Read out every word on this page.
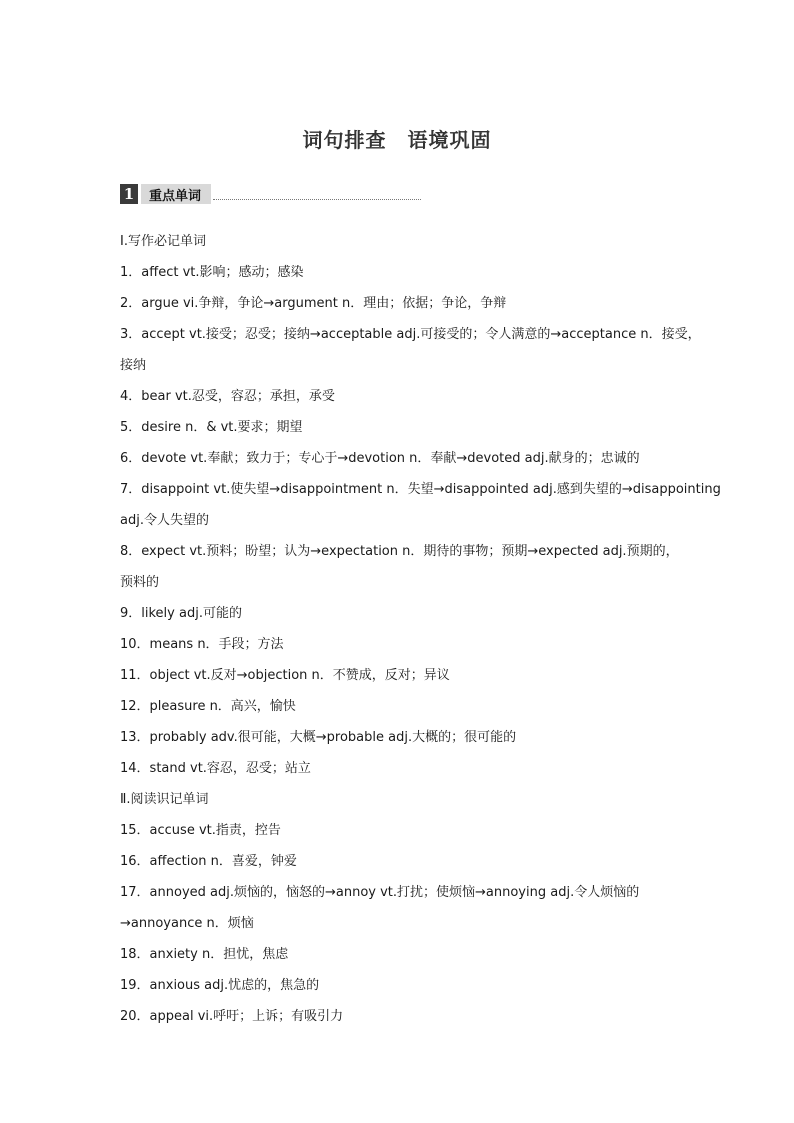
词句排查　语境巩固
1	重点单词
Ⅰ.写作必记单词
1．affect vt.影响；感动；感染
2．argue vi.争辩，争论→argument n．理由；依据；争论，争辩
3．accept vt.接受；忍受；接纳→acceptable adj.可接受的；令人满意的→acceptance n．接受，
接纳
4．bear vt.忍受，容忍；承担，承受
5．desire n．& vt.要求；期望
6．devote vt.奉献；致力于；专心于→devotion n．奉献→devoted adj.献身的；忠诚的
7．disappoint vt.使失望→disappointment n．失望→disappointed adj.感到失望的→disappointing
adj.令人失望的
8．expect vt.预料；盼望；认为→expectation n．期待的事物；预期→expected adj.预期的，
预料的
9．likely adj.可能的
10．means n．手段；方法
11．object vt.反对→objection n．不赞成，反对；异议
12．pleasure n．高兴，愉快
13．probably adv.很可能，大概→probable adj.大概的；很可能的
14．stand vt.容忍，忍受；站立
Ⅱ.阅读识记单词
15．accuse vt.指责，控告
16．affection n．喜爱，钟爱
17．annoyed adj.烦恼的，恼怒的→annoy vt.打扰；使烦恼→annoying adj.令人烦恼的
→annoyance n．烦恼
18．anxiety n．担忧，焦虑
19．anxious adj.忧虑的，焦急的
20．appeal vi.呼吁；上诉；有吸引力
